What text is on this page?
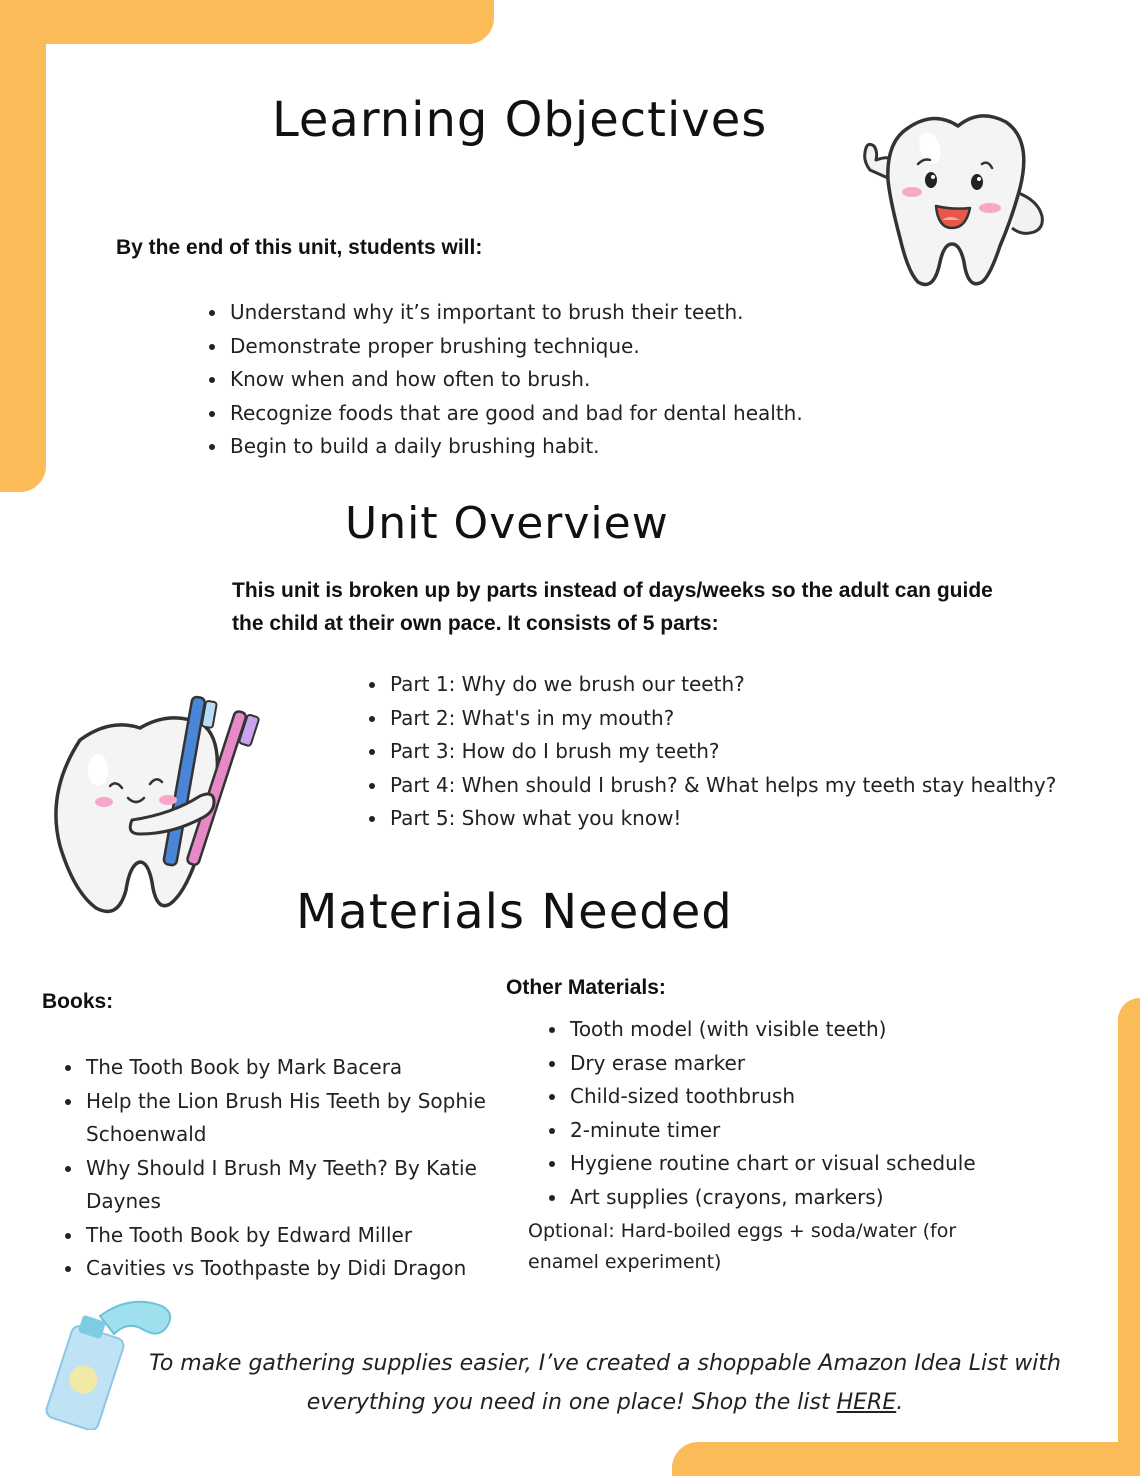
Learning Objectives

By the end of this unit, students will:

• Understand why it’s important to brush their teeth.
• Demonstrate proper brushing technique.
• Know when and how often to brush.
• Recognize foods that are good and bad for dental health.
• Begin to build a daily brushing habit.
Unit Overview

This unit is broken up by parts instead of days/weeks so the adult can guide the child at their own pace. It consists of 5 parts:

• Part 1: Why do we brush our teeth?
• Part 2: What's in my mouth?
• Part 3: How do I brush my teeth?
• Part 4: When should I brush? & What helps my teeth stay healthy?
• Part 5: Show what you know!
Materials Needed

Books:

• The Tooth Book by Mark Bacera
• Help the Lion Brush His Teeth by Sophie Schoenwald
• Why Should I Brush My Teeth? By Katie Daynes
• The Tooth Book by Edward Miller
• Cavities vs Toothpaste by Didi Dragon

Other Materials:

• Tooth model (with visible teeth)
• Dry erase marker
• Child-sized toothbrush
• 2-minute timer
• Hygiene routine chart or visual schedule
• Art supplies (crayons, markers)

Optional: Hard-boiled eggs + soda/water (for enamel experiment)

To make gathering supplies easier, I’ve created a shoppable Amazon Idea List with everything you need in one place! Shop the list HERE.
